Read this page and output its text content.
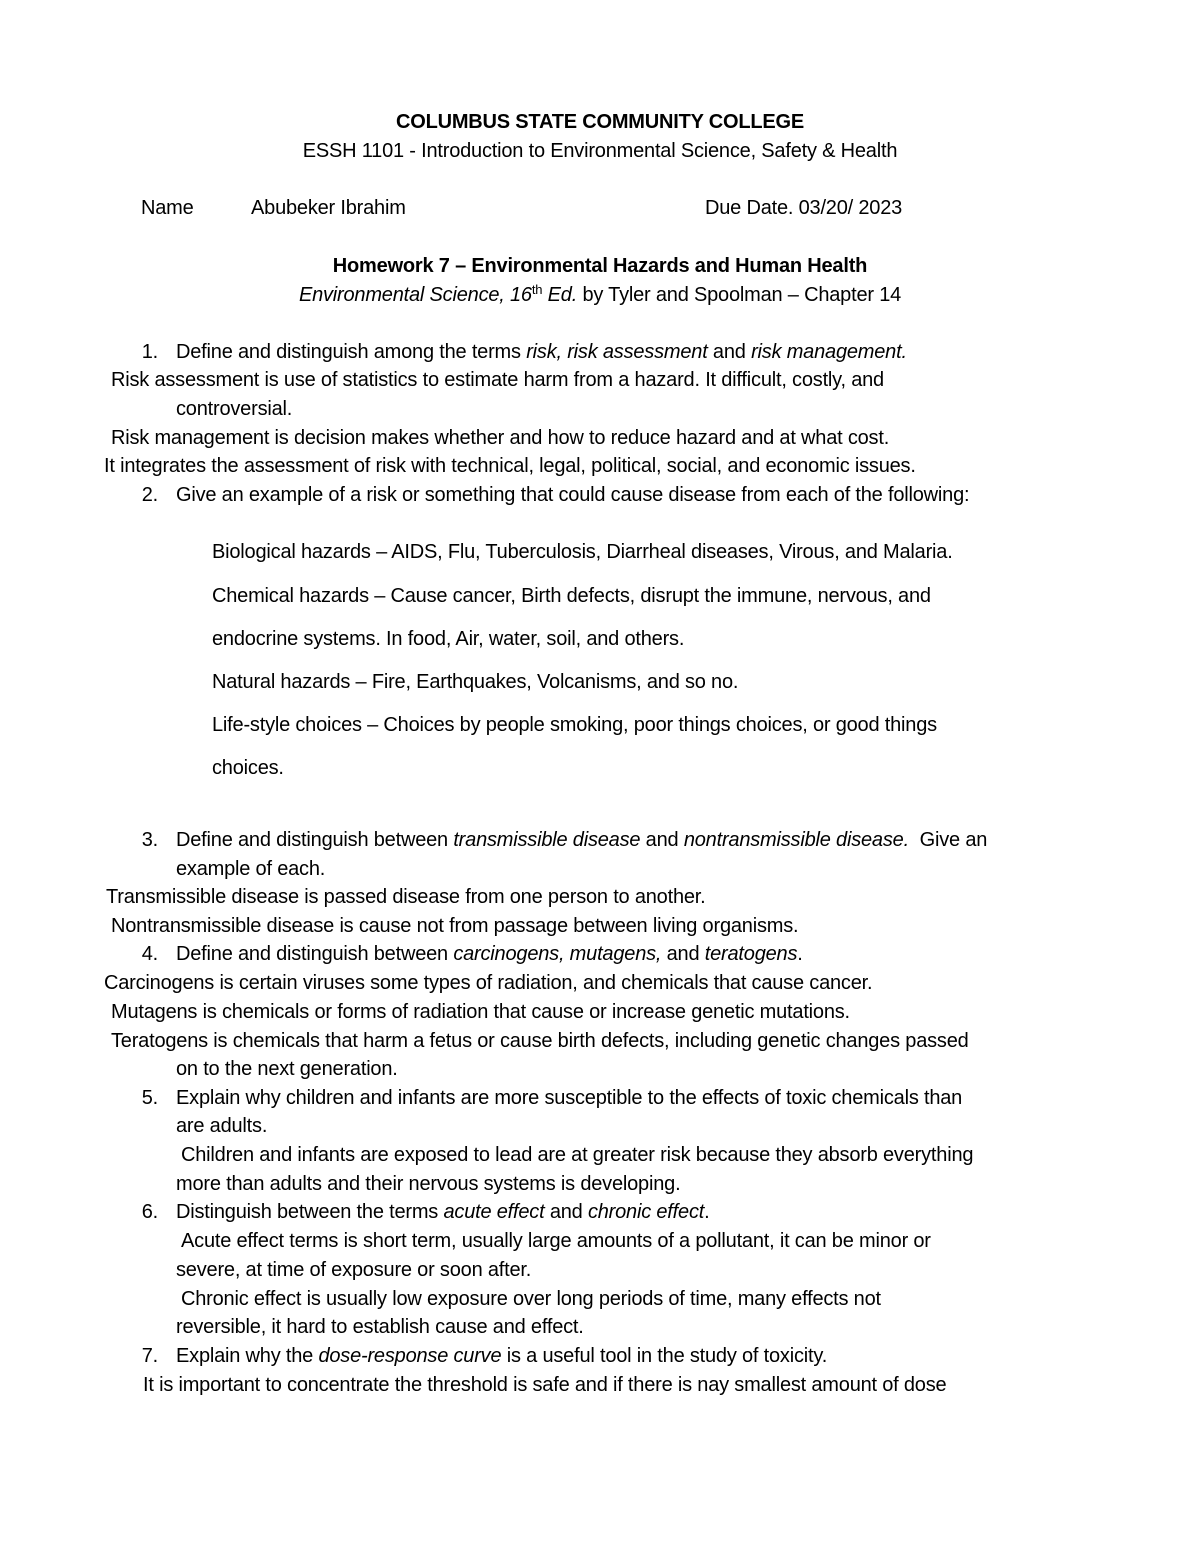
COLUMBUS STATE COMMUNITY COLLEGE
ESSH 1101 - Introduction to Environmental Science, Safety & Health
Name	Abubeker Ibrahim	Due Date. 03/20/ 2023
Homework 7 – Environmental Hazards and Human Health
Environmental Science, 16th Ed. by Tyler and Spoolman – Chapter 14
1. Define and distinguish among the terms risk, risk assessment and risk management.
Risk assessment is use of statistics to estimate harm from a hazard. It difficult, costly, and
controversial.
Risk management is decision makes whether and how to reduce hazard and at what cost.
It integrates the assessment of risk with technical, legal, political, social, and economic issues.
2. Give an example of a risk or something that could cause disease from each of the following:
Biological hazards – AIDS, Flu, Tuberculosis, Diarrheal diseases, Virous, and Malaria.
Chemical hazards – Cause cancer, Birth defects, disrupt the immune, nervous, and
endocrine systems. In food, Air, water, soil, and others.
Natural hazards – Fire, Earthquakes, Volcanisms, and so no.
Life-style choices – Choices by people smoking, poor things choices, or good things
choices.
3. Define and distinguish between transmissible disease and nontransmissible disease.  Give an
example of each.
Transmissible disease is passed disease from one person to another.
Nontransmissible disease is cause not from passage between living organisms.
4. Define and distinguish between carcinogens, mutagens, and teratogens.
Carcinogens is certain viruses some types of radiation, and chemicals that cause cancer.
Mutagens is chemicals or forms of radiation that cause or increase genetic mutations.
Teratogens is chemicals that harm a fetus or cause birth defects, including genetic changes passed
on to the next generation.
5. Explain why children and infants are more susceptible to the effects of toxic chemicals than
are adults.
Children and infants are exposed to lead are at greater risk because they absorb everything
more than adults and their nervous systems is developing.
6. Distinguish between the terms acute effect and chronic effect.
Acute effect terms is short term, usually large amounts of a pollutant, it can be minor or
severe, at time of exposure or soon after.
Chronic effect is usually low exposure over long periods of time, many effects not
reversible, it hard to establish cause and effect.
7. Explain why the dose-response curve is a useful tool in the study of toxicity.
It is important to concentrate the threshold is safe and if there is nay smallest amount of dose
